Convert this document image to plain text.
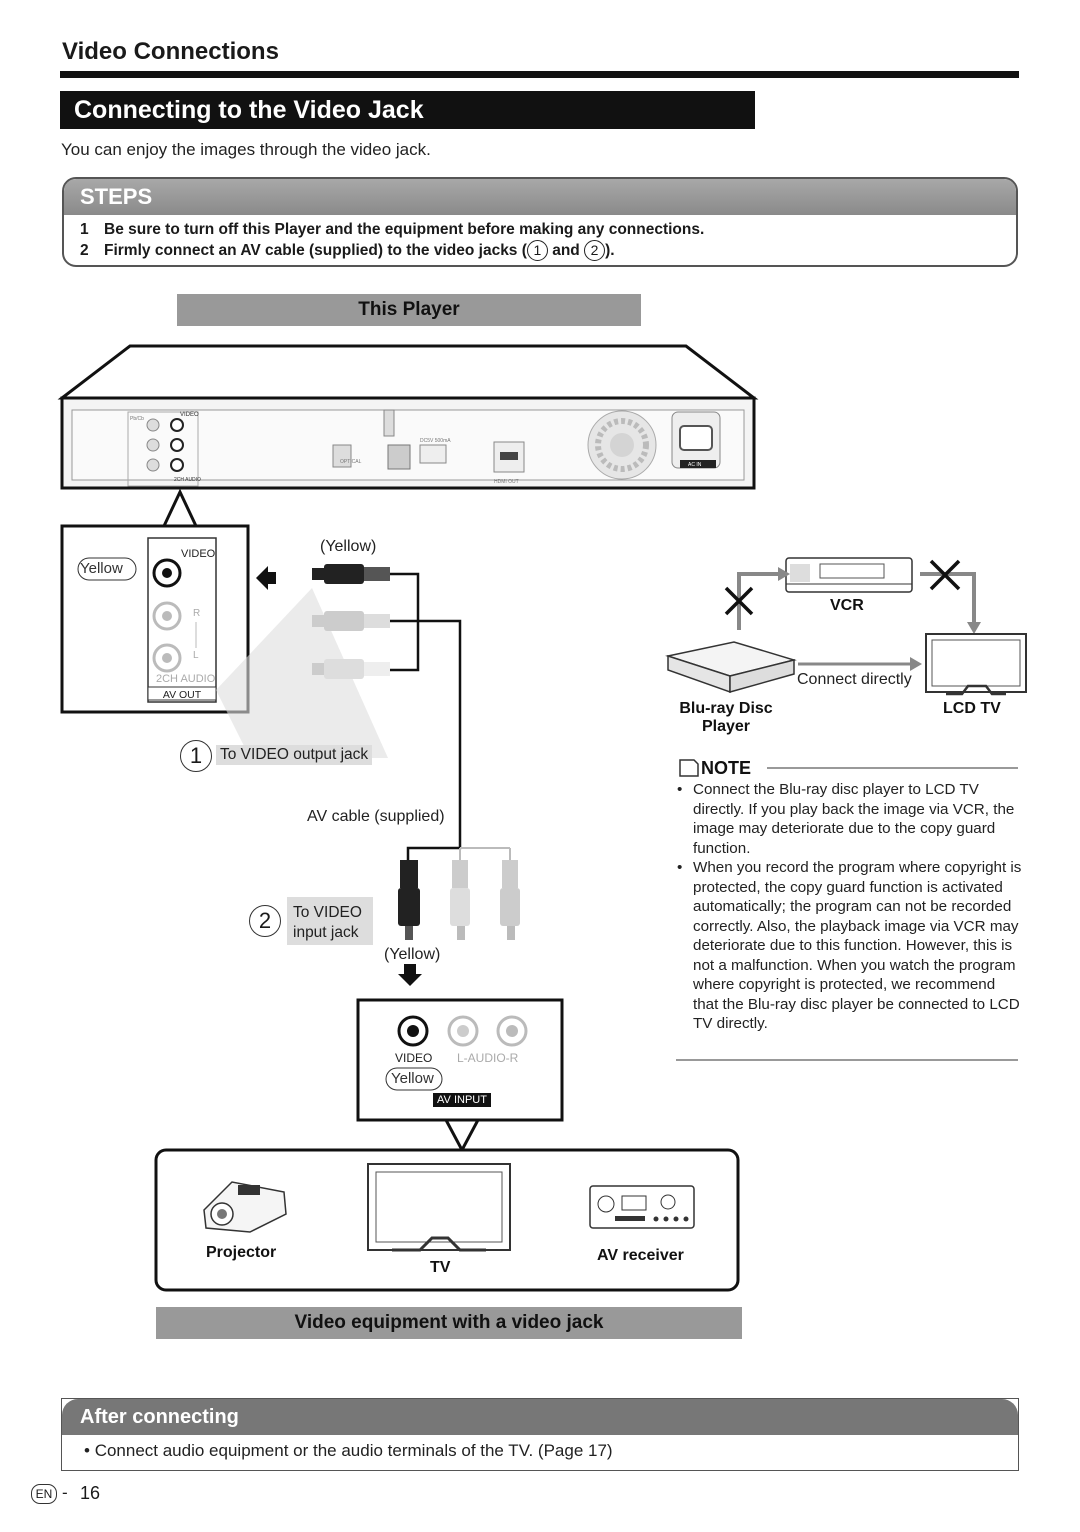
Video Connections
Connecting to the Video Jack
You can enjoy the images through the video jack.
STEPS
1 Be sure to turn off this Player and the equipment before making any connections.
2 Firmly connect an AV cable (supplied) to the video jacks ( 1 and 2 ).
This Player
Pb/Cb
VIDEO
2CH AUDIO
OPTICAL
DC5V 500mA
HDMI OUT
AC IN
Yellow
VIDEO
R
L
2CH AUDIO
AV OUT
(Yellow)
1	To VIDEO output jack
AV cable (supplied)
2	To VIDEO
input jack
(Yellow)
VIDEO L-AUDIO-R
Yellow
AV INPUT
Projector
TV
AV receiver
Video equipment with a video jack
VCR
Connect directly
Blu-ray Disc
Player
LCD TV
NOTE
• Connect the Blu-ray disc player to LCD TV directly. If you play back the image via VCR, the image may deteriorate due to the copy guard function.
• When you record the program where copyright is protected, the copy guard function is activated automatically; the program can not be recorded correctly. Also, the playback image via VCR may deteriorate due to this function. However, this is not a malfunction. When you watch the program where copyright is protected, we recommend that the Blu-ray disc player be connected to LCD TV directly.
After connecting
• Connect audio equipment or the audio terminals of the TV. (Page 17)
EN - 16
